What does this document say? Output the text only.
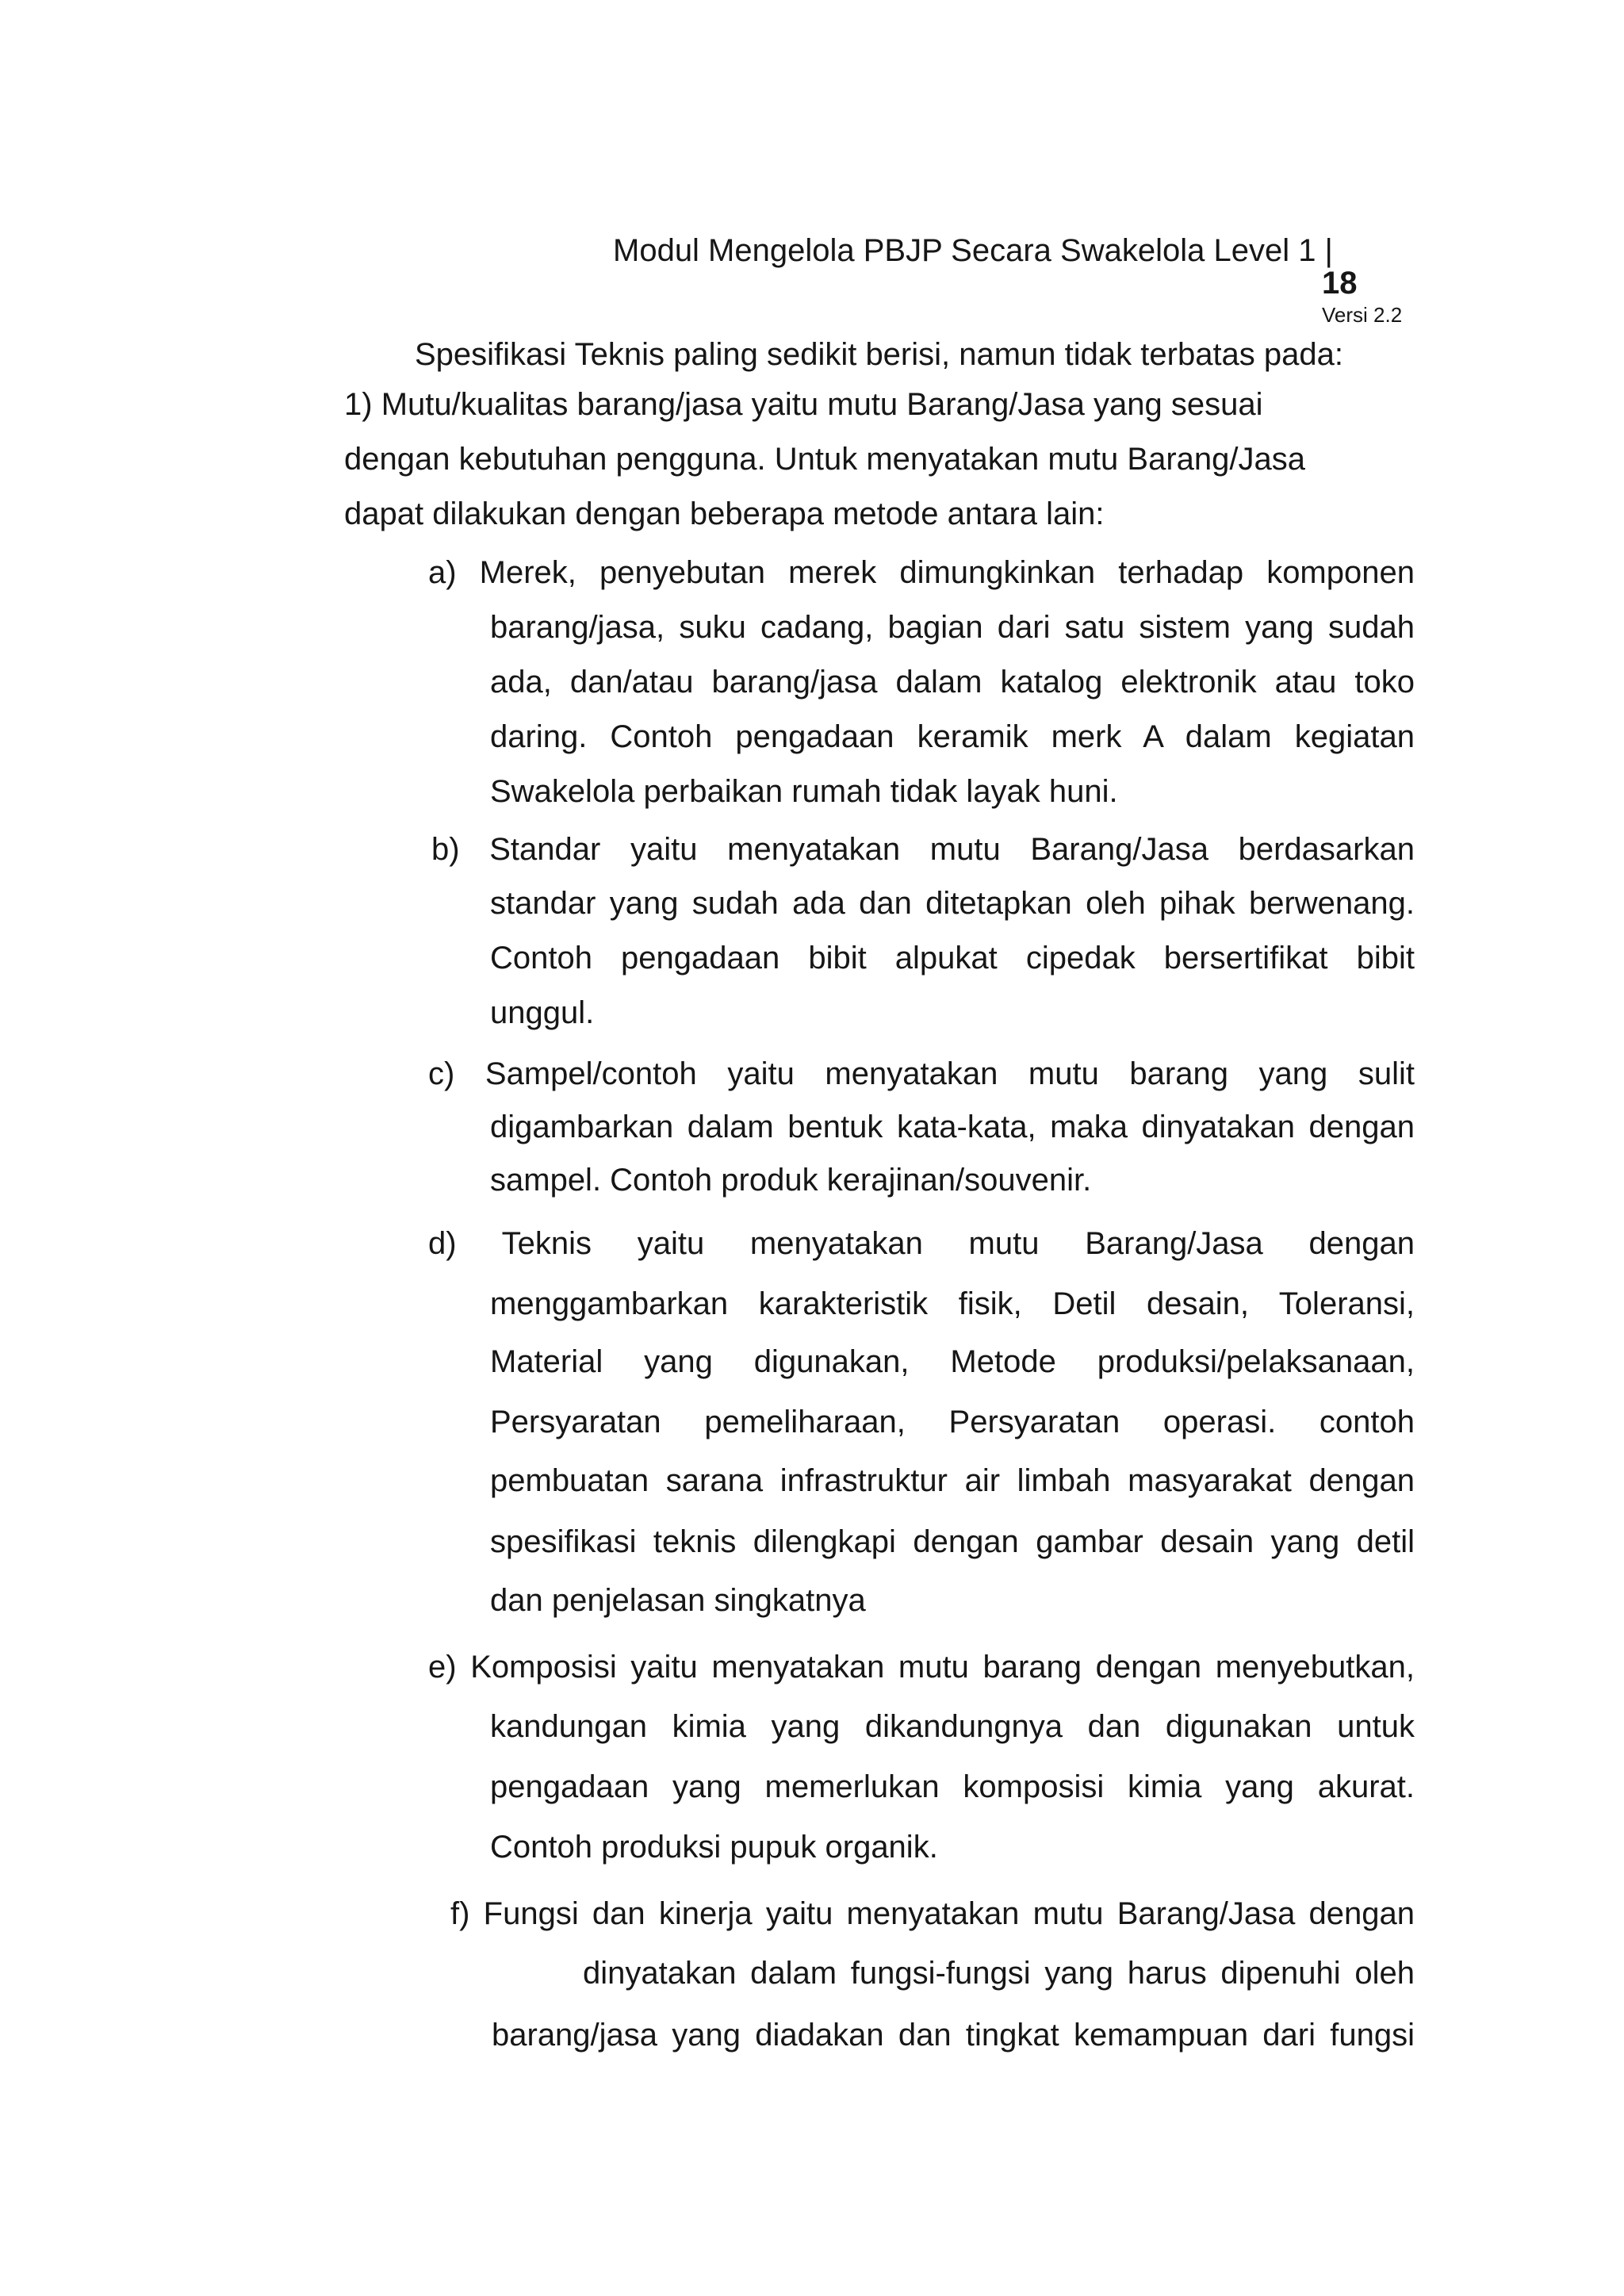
Modul Mengelola PBJP Secara Swakelola Level 1 |
18
Versi 2.2
Spesifikasi Teknis paling sedikit berisi, namun tidak terbatas pada:
1) Mutu/kualitas barang/jasa yaitu mutu Barang/Jasa yang sesuai
dengan kebutuhan pengguna. Untuk menyatakan mutu Barang/Jasa
dapat dilakukan dengan beberapa metode antara lain:
a) Merek, penyebutan merek dimungkinkan terhadap komponen
barang/jasa, suku cadang, bagian dari satu sistem yang sudah
ada, dan/atau barang/jasa dalam katalog elektronik atau toko
daring. Contoh pengadaan keramik merk A dalam kegiatan
Swakelola perbaikan rumah tidak layak huni.
b) Standar yaitu menyatakan mutu Barang/Jasa berdasarkan
standar yang sudah ada dan ditetapkan oleh pihak berwenang.
Contoh pengadaan bibit alpukat cipedak bersertifikat bibit
unggul.
c) Sampel/contoh yaitu menyatakan mutu barang yang sulit
digambarkan dalam bentuk kata-kata, maka dinyatakan dengan
sampel. Contoh produk kerajinan/souvenir.
d) Teknis yaitu menyatakan mutu Barang/Jasa dengan
menggambarkan karakteristik fisik, Detil desain, Toleransi,
Material yang digunakan, Metode produksi/pelaksanaan,
Persyaratan pemeliharaan, Persyaratan operasi. contoh
pembuatan sarana infrastruktur air limbah masyarakat dengan
spesifikasi teknis dilengkapi dengan gambar desain yang detil
dan penjelasan singkatnya
e) Komposisi yaitu menyatakan mutu barang dengan menyebutkan,
kandungan kimia yang dikandungnya dan digunakan untuk
pengadaan yang memerlukan komposisi kimia yang akurat.
Contoh produksi pupuk organik.
f) Fungsi dan kinerja yaitu menyatakan mutu Barang/Jasa dengan
dinyatakan dalam fungsi-fungsi yang harus dipenuhi oleh
barang/jasa yang diadakan dan tingkat kemampuan dari fungsi
